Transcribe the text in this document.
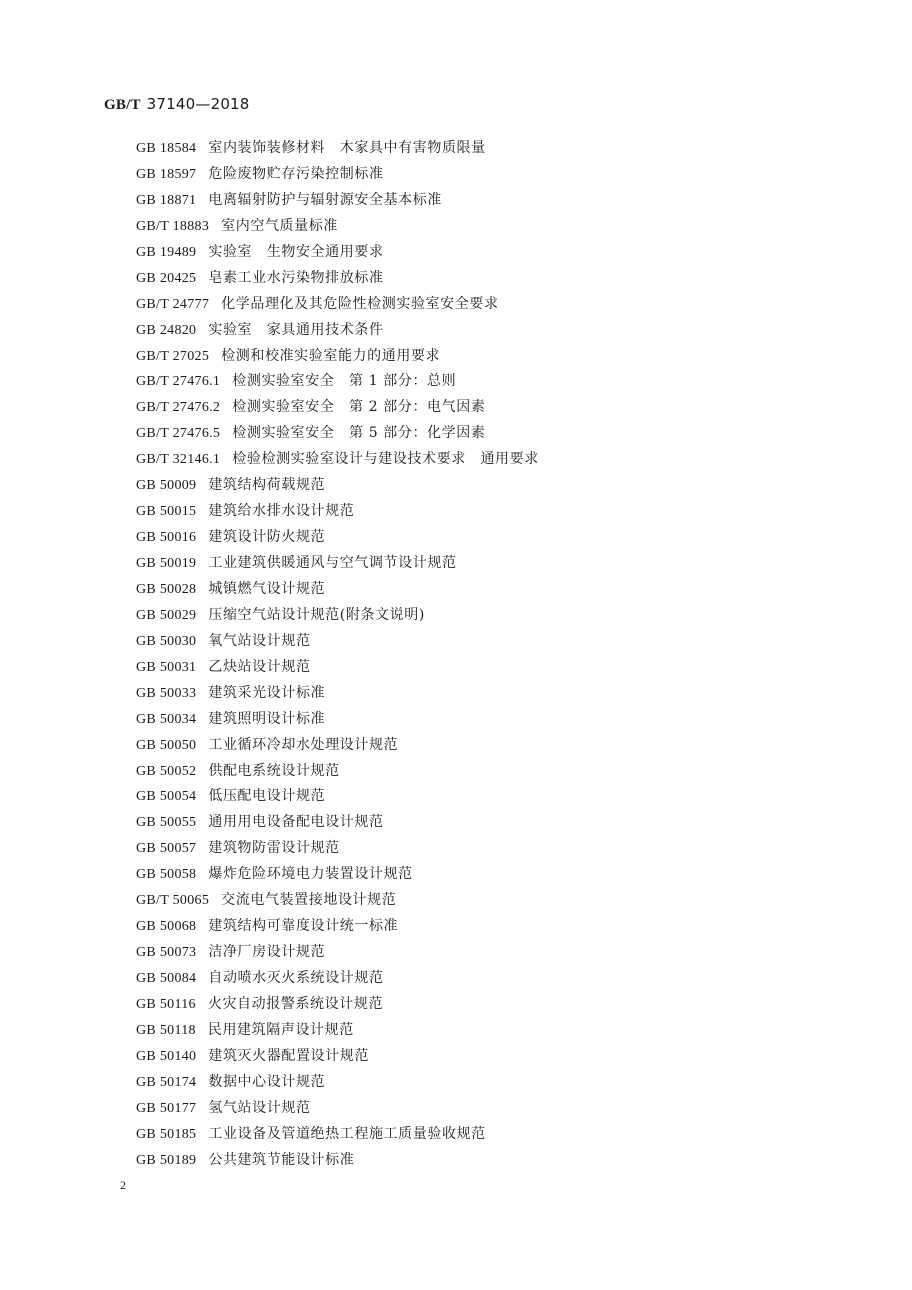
GB/T 37140—2018
GB 18584 室内装饰装修材料　木家具中有害物质限量
GB 18597 危险废物贮存污染控制标准
GB 18871 电离辐射防护与辐射源安全基本标准
GB/T 18883 室内空气质量标准
GB 19489 实验室　生物安全通用要求
GB 20425 皂素工业水污染物排放标准
GB/T 24777 化学品理化及其危险性检测实验室安全要求
GB 24820 实验室　家具通用技术条件
GB/T 27025 检测和校准实验室能力的通用要求
GB/T 27476.1 检测实验室安全　第 1 部分：总则
GB/T 27476.2 检测实验室安全　第 2 部分：电气因素
GB/T 27476.5 检测实验室安全　第 5 部分：化学因素
GB/T 32146.1 检验检测实验室设计与建设技术要求　通用要求
GB 50009 建筑结构荷载规范
GB 50015 建筑给水排水设计规范
GB 50016 建筑设计防火规范
GB 50019 工业建筑供暖通风与空气调节设计规范
GB 50028 城镇燃气设计规范
GB 50029 压缩空气站设计规范(附条文说明)
GB 50030 氧气站设计规范
GB 50031 乙炔站设计规范
GB 50033 建筑采光设计标准
GB 50034 建筑照明设计标准
GB 50050 工业循环冷却水处理设计规范
GB 50052 供配电系统设计规范
GB 50054 低压配电设计规范
GB 50055 通用用电设备配电设计规范
GB 50057 建筑物防雷设计规范
GB 50058 爆炸危险环境电力装置设计规范
GB/T 50065 交流电气装置接地设计规范
GB 50068 建筑结构可靠度设计统一标准
GB 50073 洁净厂房设计规范
GB 50084 自动喷水灭火系统设计规范
GB 50116 火灾自动报警系统设计规范
GB 50118 民用建筑隔声设计规范
GB 50140 建筑灭火器配置设计规范
GB 50174 数据中心设计规范
GB 50177 氢气站设计规范
GB 50185 工业设备及管道绝热工程施工质量验收规范
GB 50189 公共建筑节能设计标准
2
